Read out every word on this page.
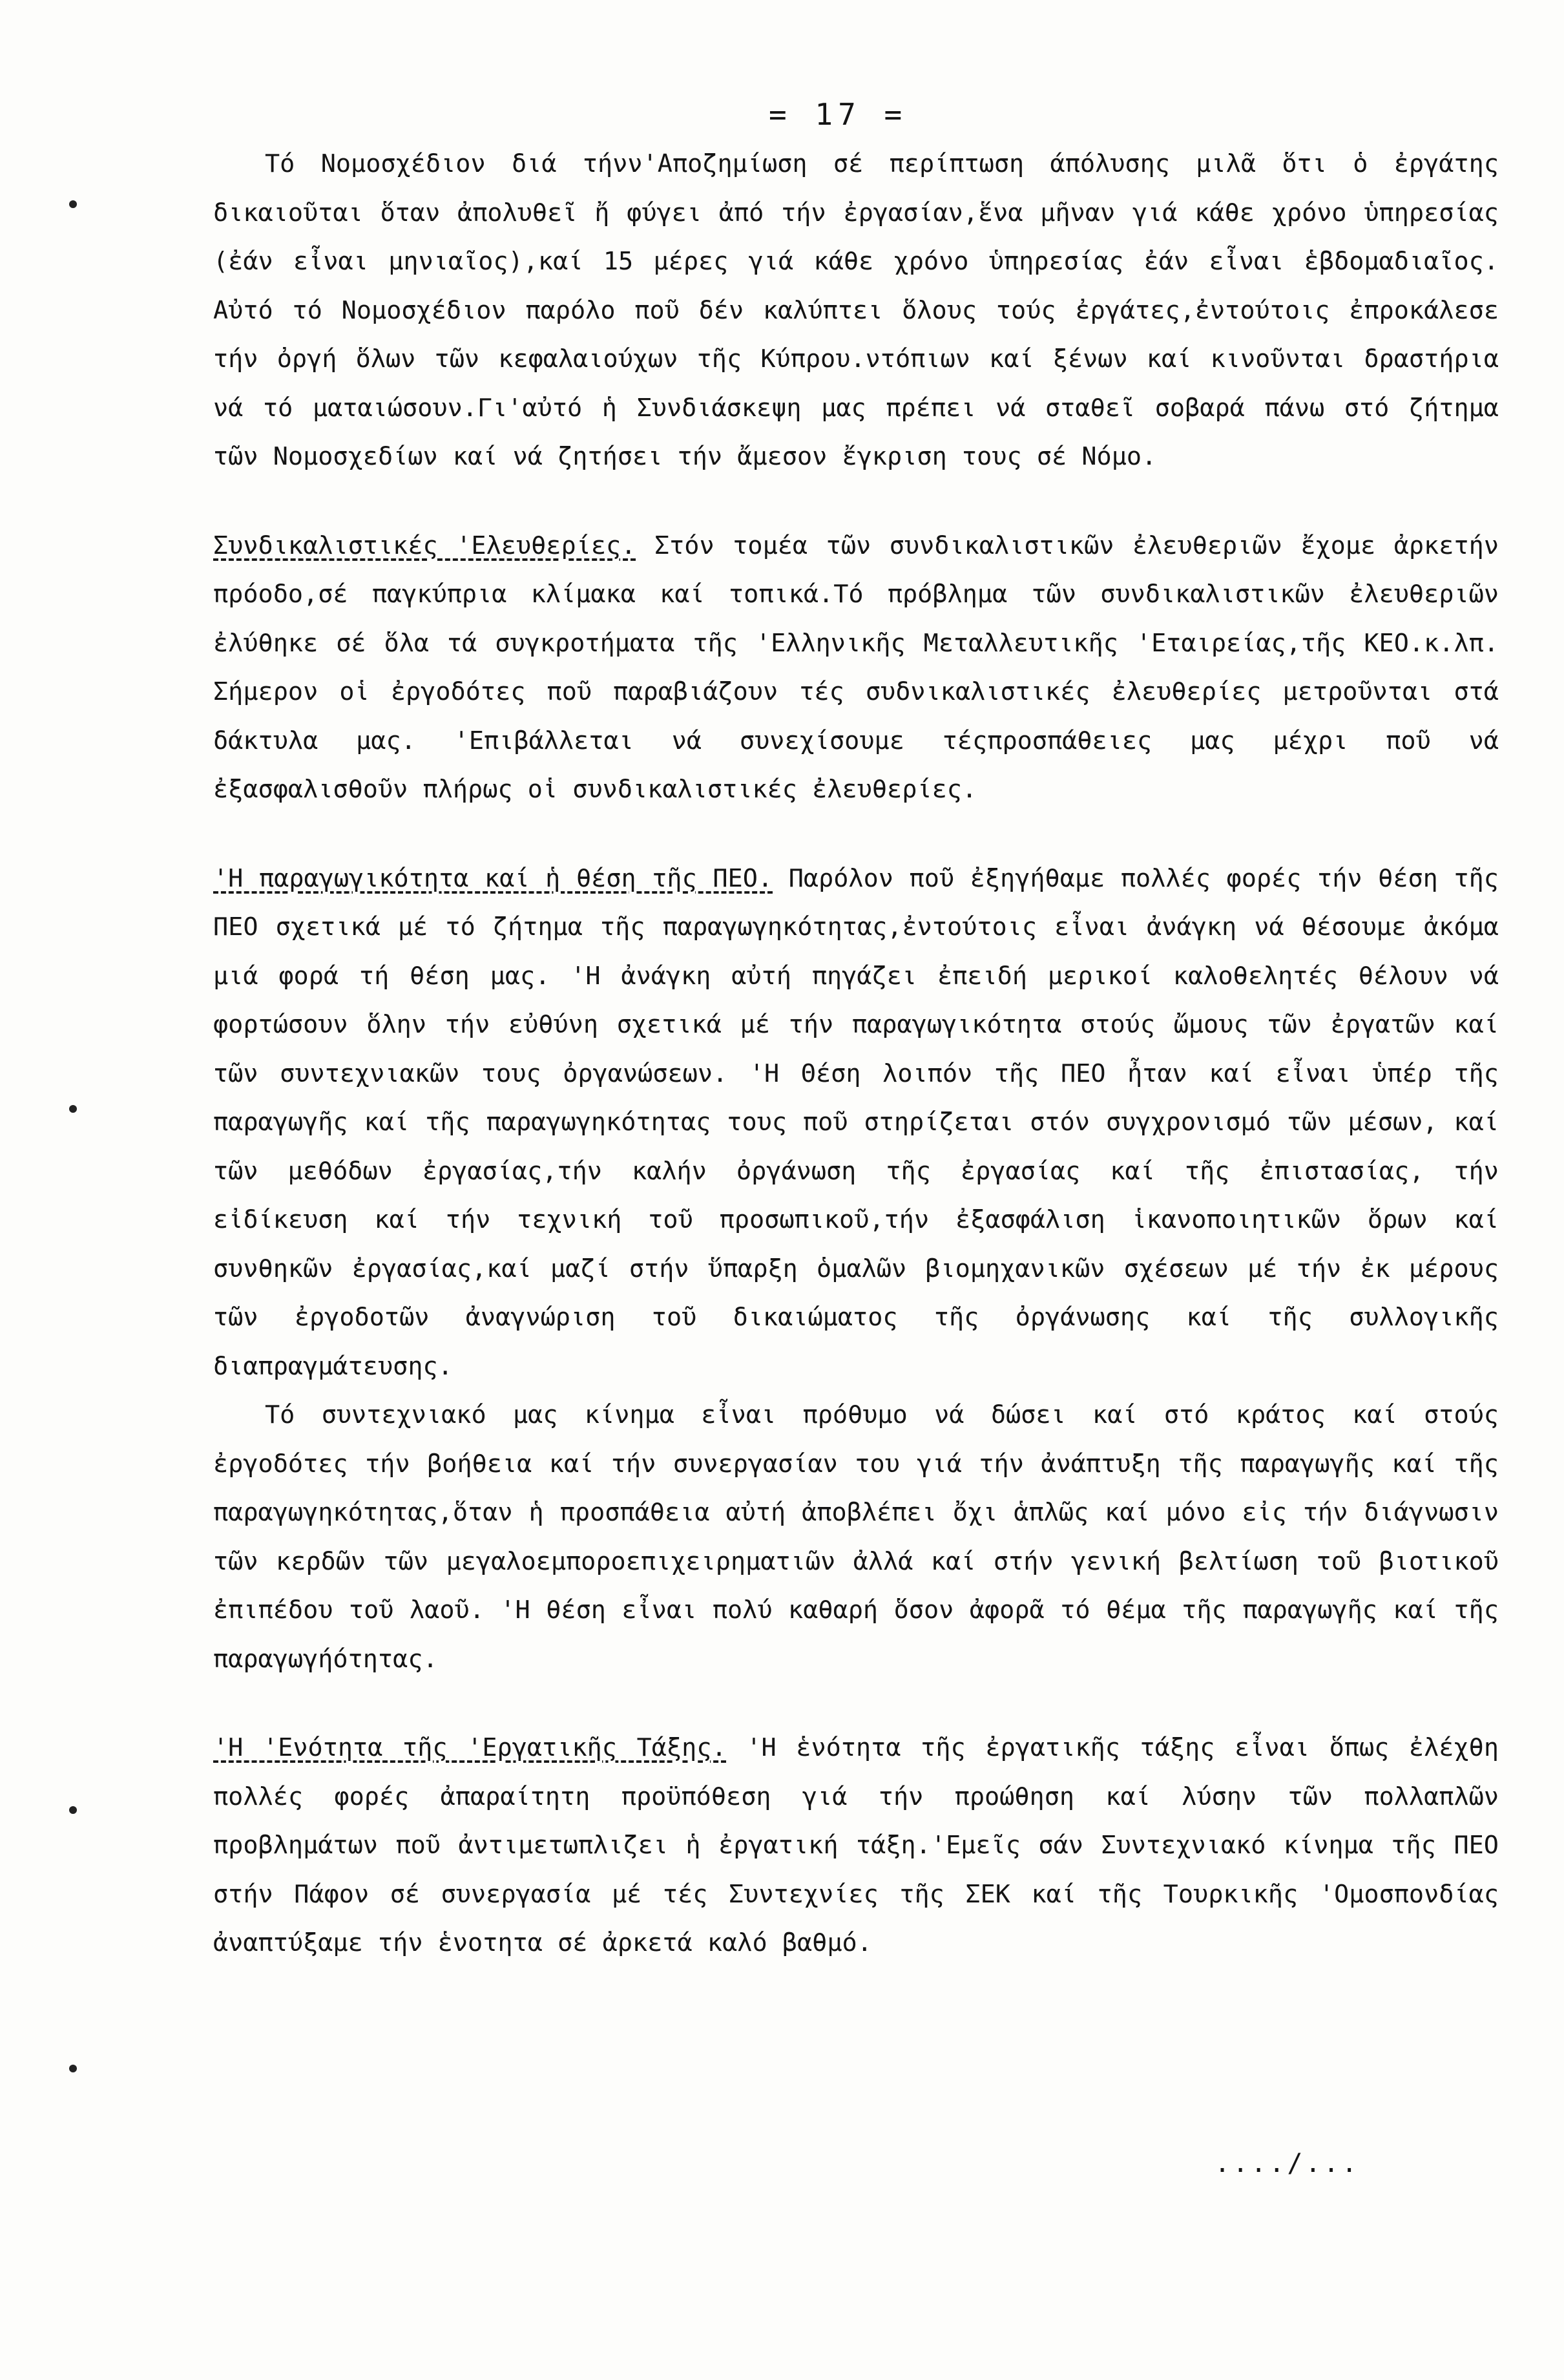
= 17 =

Τό Νομοσχέδιον διά τήνν'Αποζημίωση σέ περίπτωση άπόλυσης μιλᾶ ὅτι ὁ ἐργάτης δικαιοῦται ὅταν ἀπολυθεῖ ἤ φύγει ἀπό τήν ἐργασίαν,ἕνα μῆναν γιά κάθε χρόνο ὑπηρεσίας (ἐάν εἶναι μηνιαῖος),καί 15 μέρες γιά κάθε χρόνο ὑπηρεσίας ἐάν εἶναι ἑβδομαδιαῖος. Αὐτό τό Νομοσχέδιον παρόλο ποῦ δέν καλύπτει ὅλους τούς ἐργάτες,ἐντούτοις ἐπροκάλεσε τήν ὀργή ὅλων τῶν κεφαλαιούχων τῆς Κύπρου.ντόπιων καί ξένων καί κινοῦνται δραστήρια νά τό ματαιώσουν.Γι'αὐτό ἡ Συνδιάσκεψη μας πρέπει νά σταθεῖ σοβαρά πάνω στό ζήτημα τῶν Νομοσχεδίων καί νά ζητήσει τήν ἄμεσον ἔγκριση τους σέ Νόμο.

Συνδικαλιστικές 'Ελευθερίες. Στόν τομέα τῶν συνδικαλιστικῶν ἐλευθεριῶν ἔχομε ἀρκετήν πρόοδο,σέ παγκύπρια κλίμακα καί τοπικά.Τό πρόβλημα τῶν συνδικαλιστικῶν ἐλευθεριῶν ἐλύθηκε σέ ὅλα τά συγκροτήματα τῆς 'Ελληνικῆς Μεταλλευτικῆς 'Εταιρείας,τῆς ΚΕΟ.κ.λπ. Σήμερον οἱ ἐργοδότες ποῦ παραβιάζουν τές συδνικαλιστικές ἐλευθερίες μετροῦνται στά δάκτυλα μας. 'Επιβάλλεται νά συνεχίσουμε τέςπροσπάθειες μας μέχρι ποῦ νά ἐξασφαλισθοῦν πλήρως οἱ συνδικαλιστικές ἐλευθερίες.

'Η παραγωγικότητα καί ἡ θέση τῆς ΠΕΟ. Παρόλον ποῦ ἐξηγήθαμε πολλές φορές τήν θέση τῆς ΠΕΟ σχετικά μέ τό ζήτημα τῆς παραγωγηκότητας,ἐντούτοις εἶναι ἀνάγκη νά θέσουμε ἀκόμα μιά φορά τή θέση μας. 'Η ἀνάγκη αὐτή πηγάζει ἐπειδή μερικοί καλοθελητές θέλουν νά φορτώσουν ὅλην τήν εὐθύνη σχετικά μέ τήν παραγωγικότητα στούς ὤμους τῶν ἐργατῶν καί τῶν συντεχνιακῶν τους ὀργανώσεων. 'Η Θέση λοιπόν τῆς ΠΕΟ ἦταν καί εἶναι ὑπέρ τῆς παραγωγῆς καί τῆς παραγωγηκότητας τους ποῦ στηρίζεται στόν συγχρονισμό τῶν μέσων, καί τῶν μεθόδων ἐργασίας,τήν καλήν ὀργάνωση τῆς ἐργασίας καί τῆς ἐπιστασίας, τήν εἰδίκευση καί τήν τεχνική τοῦ προσωπικοῦ,τήν ἐξασφάλιση ἱκανοποιητικῶν ὅρων καί συνθηκῶν ἐργασίας,καί μαζί στήν ὕπαρξη ὁμαλῶν βιομηχανικῶν σχέσεων μέ τήν ἐκ μέρους τῶν ἐργοδοτῶν ἀναγνώριση τοῦ δικαιώματος τῆς ὀργάνωσης καί τῆς συλλογικῆς διαπραγμάτευσης.

Τό συντεχνιακό μας κίνημα εἶναι πρόθυμο νά δώσει καί στό κράτος καί στούς ἐργοδότες τήν βοήθεια καί τήν συνεργασίαν του γιά τήν ἀνάπτυξη τῆς παραγωγῆς καί τῆς παραγωγηκότητας,ὅταν ἡ προσπάθεια αὐτή ἀποβλέπει ὄχι ἁπλῶς καί μόνο εἰς τήν διάγνωσιν τῶν κερδῶν τῶν μεγαλοεμποροεπιχειρηματιῶν ἀλλά καί στήν γενική βελτίωση τοῦ βιοτικοῦ ἐπιπέδου τοῦ λαοῦ. 'Η θέση εἶναι πολύ καθαρή ὅσον ἀφορᾶ τό θέμα τῆς παραγωγῆς καί τῆς παραγωγήότητας.

'Η 'Ενότητα τῆς 'Εργατικῆς Τάξης. 'Η ἑνότητα τῆς ἐργατικῆς τάξης εἶναι ὅπως ἐλέχθη πολλές φορές ἀπαραίτητη προϋπόθεση γιά τήν προώθηση καί λύσην τῶν πολλαπλῶν προβλημάτων ποῦ ἀντιμετωπλιζει ἡ ἐργατική τάξη.'Εμεῖς σάν Συντεχνιακό κίνημα τῆς ΠΕΟ στήν Πάφον σέ συνεργασία μέ τές Συντεχνίες τῆς ΣΕΚ καί τῆς Τουρκικῆς 'Ομοσπονδίας ἀναπτύξαμε τήν ἑνοτητα σέ ἀρκετά καλό βαθμό.

..../...
